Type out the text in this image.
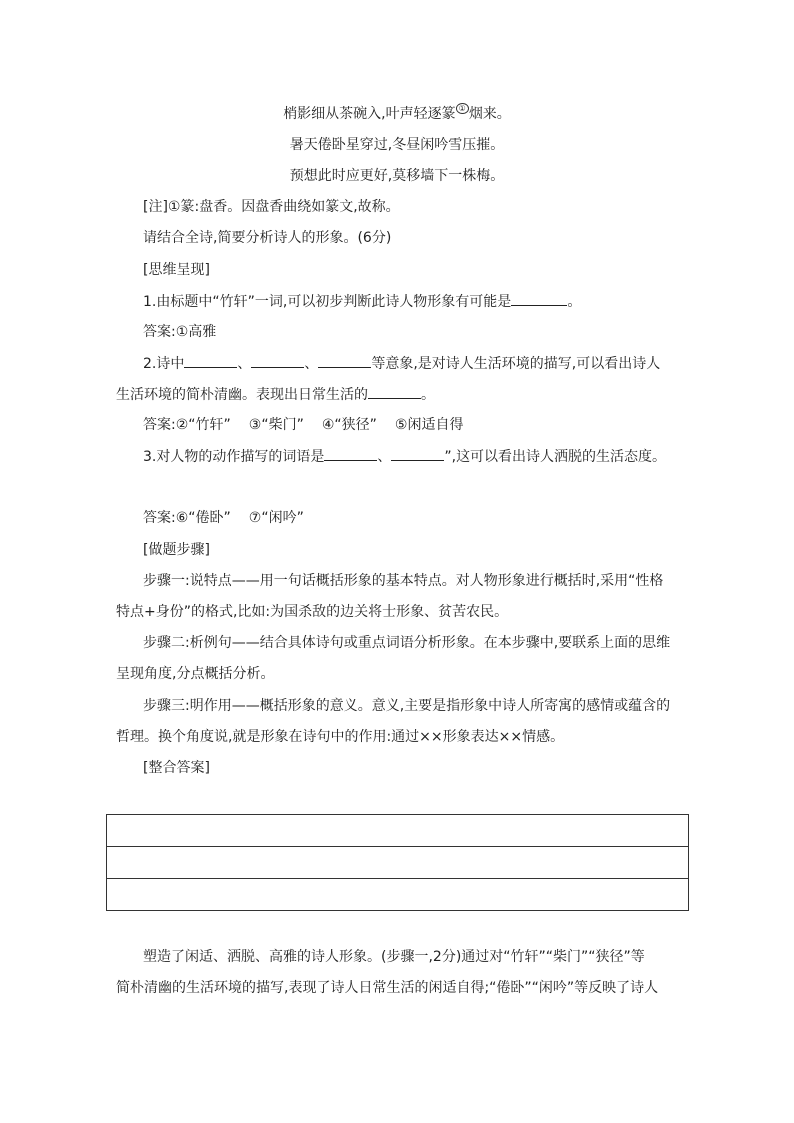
梢影细从茶碗入,叶声轻逐篆 ① 烟来。
暑天倦卧星穿过,冬昼闲吟雪压摧。
预想此时应更好,莫移墙下一株梅。
[注]①篆:盘香。因盘香曲绕如篆文,故称。
请结合全诗,简要分析诗人的形象。(6分)
[思维呈现]
1.由标题中“竹轩”一词,可以初步判断此诗人物形象有可能是	。
答案:①高雅
2.诗中	、	、	等意象,是对诗人生活环境的描写,可以看出诗人
生活环境的简朴清幽。表现出日常生活的	。
答案:②“竹轩” ③“柴门” ④“狭径” ⑤闲适自得
3.对人物的动作描写的词语是	、	”,这可以看出诗人洒脱的生活态度。
答案:⑥“倦卧” ⑦“闲吟”
[做题步骤]
步骤一:说特点——用一句话概括形象的基本特点。对人物形象进行概括时,采用“性格
特点+身份”的格式,比如:为国杀敌的边关将士形象、贫苦农民。
步骤二:析例句——结合具体诗句或重点词语分析形象。在本步骤中,要联系上面的思维
呈现角度,分点概括分析。
步骤三:明作用——概括形象的意义。意义,主要是指形象中诗人所寄寓的感情或蕴含的
哲理。换个角度说,就是形象在诗句中的作用:通过××形象表达××情感。
[整合答案]
塑造了闲适、洒脱、高雅的诗人形象。(步骤一,2分)通过对“竹轩”“柴门”“狭径”等
简朴清幽的生活环境的描写,表现了诗人日常生活的闲适自得;“倦卧”“闲吟”等反映了诗人
